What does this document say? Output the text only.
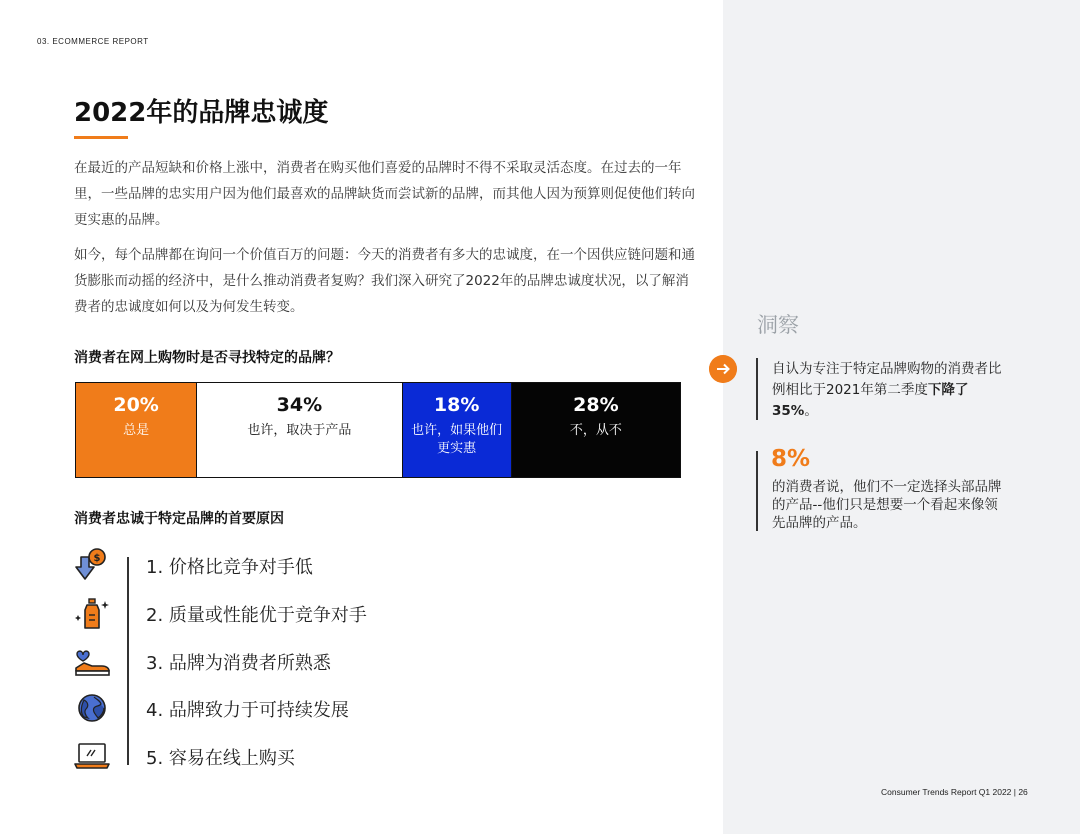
03. ECOMMERCE REPORT
2022年的品牌忠诚度

在最近的产品短缺和价格上涨中，消费者在购买他们喜爱的品牌时不得不采取灵活态度。在过去的一年里，一些品牌的忠实用户因为他们最喜欢的品牌缺货而尝试新的品牌，而其他人因为预算则促使他们转向更实惠的品牌。

如今，每个品牌都在询问一个价值百万的问题：今天的消费者有多大的忠诚度，在一个因供应链问题和通货膨胀而动摇的经济中，是什么推动消费者复购？我们深入研究了2022年的品牌忠诚度状况，以了解消费者的忠诚度如何以及为何发生转变。

消费者在网上购物时是否寻找特定的品牌？
20%
总是
34%
也许，取决于产品
18%
也许，如果他们
更实惠
28%
不，从不
消费者忠诚于特定品牌的首要原因
$	1. 价格比竞争对手低
2. 质量或性能优于竞争对手
3. 品牌为消费者所熟悉
4. 品牌致力于可持续发展
5. 容易在线上购买
洞察
自认为专注于特定品牌购物的消费者比例相比于2021年第二季度下降了35%。
8%
的消费者说，他们不一定选择头部品牌的产品--他们只是想要一个看起来像领先品牌的产品。
Consumer Trends Report Q1 2022 | 26
